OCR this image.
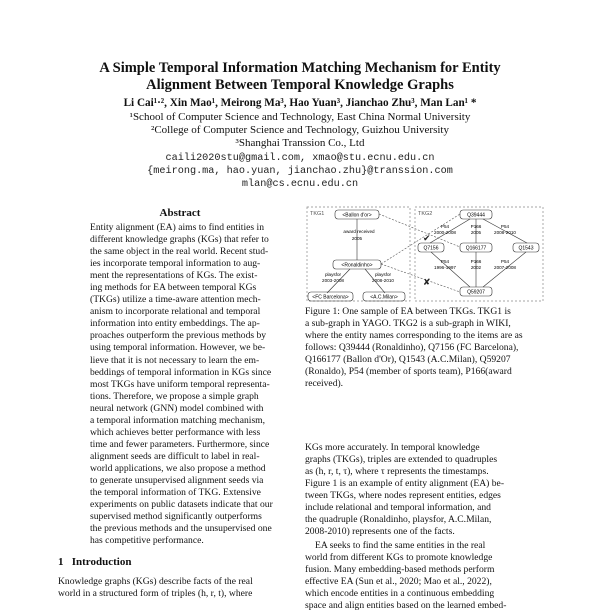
A Simple Temporal Information Matching Mechanism for Entity
Alignment Between Temporal Knowledge Graphs
Li Cai¹·², Xin Mao¹, Meirong Ma³, Hao Yuan³, Jianchao Zhu³, Man Lan¹ *
¹School of Computer Science and Technology, East China Normal University
²College of Computer Science and Technology, Guizhou University
³Shanghai Transsion Co., Ltd
caili2020stu@gmail.com, xmao@stu.ecnu.edu.cn
{meirong.ma, hao.yuan, jianchao.zhu}@transsion.com
mlan@cs.ecnu.edu.cn
Abstract
Entity alignment (EA) aims to find entities in
different knowledge graphs (KGs) that refer to
the same object in the real world. Recent stud-
ies incorporate temporal information to aug-
ment the representations of KGs. The exist-
ing methods for EA between temporal KGs
(TKGs) utilize a time-aware attention mech-
anism to incorporate relational and temporal
information into entity embeddings. The ap-
proaches outperform the previous methods by
using temporal information. However, we be-
lieve that it is not necessary to learn the em-
beddings of temporal information in KGs since
most TKGs have uniform temporal representa-
tions. Therefore, we propose a simple graph
neural network (GNN) model combined with
a temporal information matching mechanism,
which achieves better performance with less
time and fewer parameters. Furthermore, since
alignment seeds are difficult to label in real-
world applications, we also propose a method
to generate unsupervised alignment seeds via
the temporal information of TKG. Extensive
experiments on public datasets indicate that our
supervised method significantly outperforms
the previous methods and the unsupervised one
has competitive performance.
1 Introduction
Knowledge graphs (KGs) describe facts of the real
world in a structured form of triples (h, r, t), where
TKG1	<Ballon d'or>
award received
2005
<Ronaldinho>
playsfor
2003-2008
playsfor
2008-2010
<FC Barcelona>	<A.C.Milan>
TKG2	Q39444
P54
2000-2008
P166
2005
P54
2008-2010
Q7156	Q166177	Q1543
P54
1996-1997
P166
2002
P54
2007-2008
Q59207
✔
✘
Figure 1: One sample of EA between TKGs. TKG1 is
a sub-graph in YAGO. TKG2 is a sub-graph in WIKI,
where the entity names corresponding to the items are as
follows: Q39444 (Ronaldinho), Q7156 (FC Barcelona),
Q166177 (Ballon d'Or), Q1543 (A.C.Milan), Q59207
(Ronaldo), P54 (member of sports team), P166(award
received).
KGs more accurately. In temporal knowledge
graphs (TKGs), triples are extended to quadruples
as (h, r, t, τ), where τ represents the timestamps.
Figure 1 is an example of entity alignment (EA) be-
tween TKGs, where nodes represent entities, edges
include relational and temporal information, and
the quadruple (Ronaldinho, playsfor, A.C.Milan,
2008-2010) represents one of the facts.
EA seeks to find the same entities in the real
world from different KGs to promote knowledge
fusion. Many embedding-based methods perform
effective EA (Sun et al., 2020; Mao et al., 2022),
which encode entities in a continuous embedding
space and align entities based on the learned embed-
